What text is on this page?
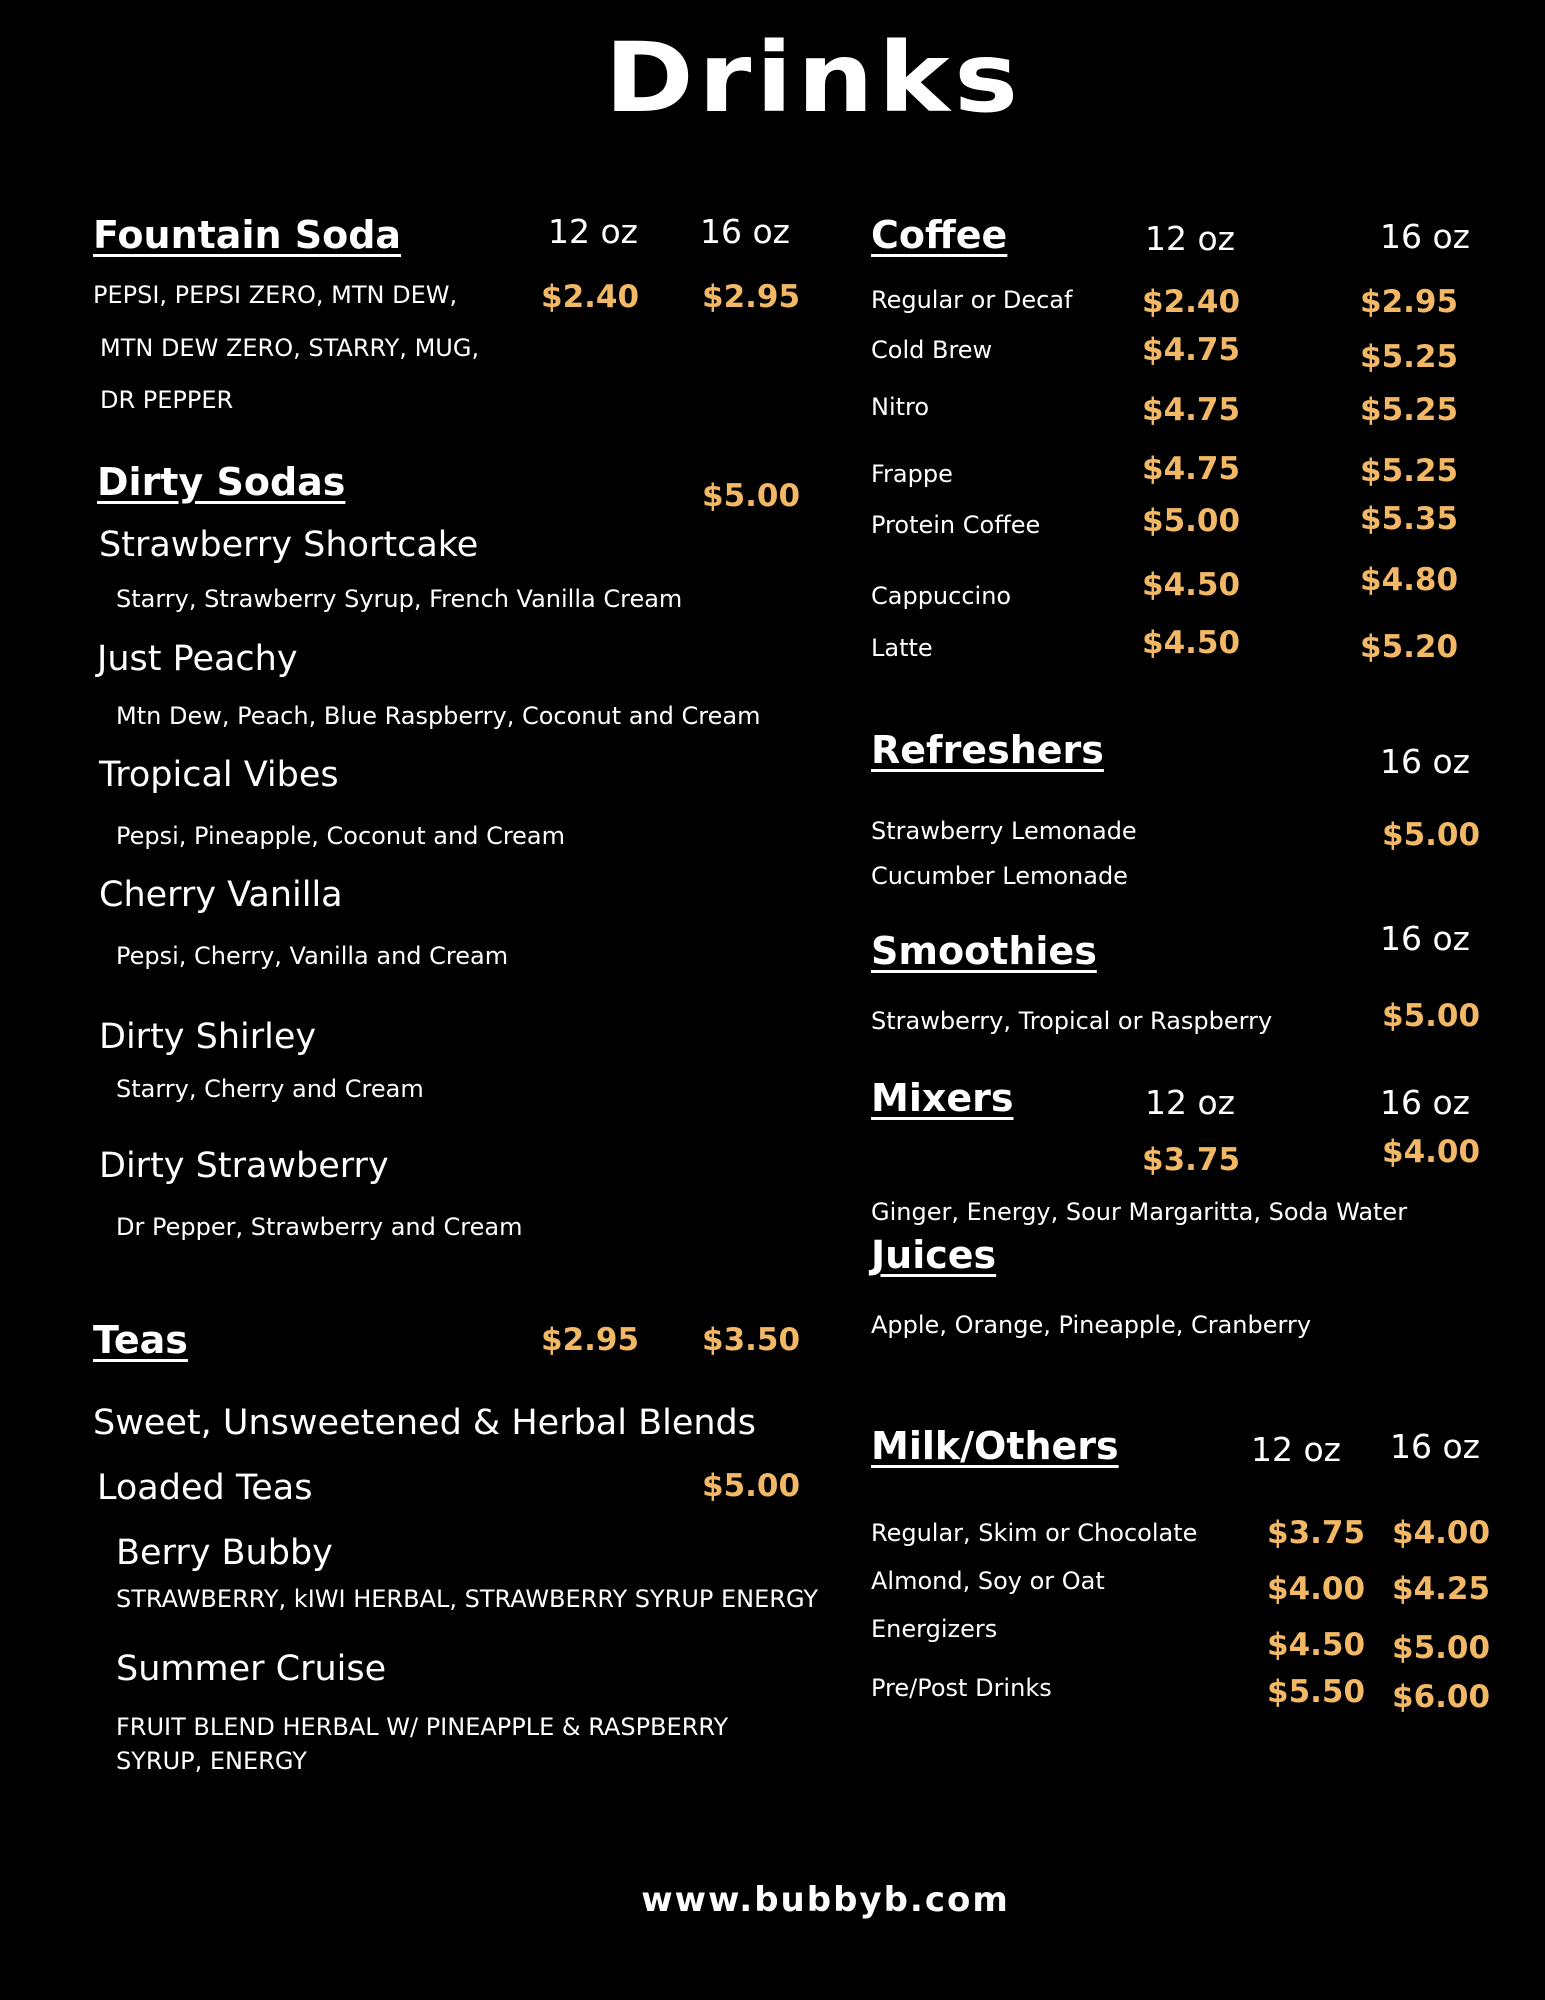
Drinks
Fountain Soda	12 oz 16 oz
$2.40 $2.95
PEPSI, PEPSI ZERO, MTN DEW,
MTN DEW ZERO, STARRY, MUG,
DR PEPPER
Dirty Sodas	$5.00
Strawberry Shortcake
Starry, Strawberry Syrup, French Vanilla Cream
Just Peachy
Mtn Dew, Peach, Blue Raspberry, Coconut and Cream
Tropical Vibes
Pepsi, Pineapple, Coconut and Cream
Cherry Vanilla
Pepsi, Cherry, Vanilla and Cream
Dirty Shirley
Starry, Cherry and Cream
Dirty Strawberry
Dr Pepper, Strawberry and Cream
Teas	$2.95 $3.50
Sweet, Unsweetened & Herbal Blends
Loaded Teas	$5.00
Berry Bubby
STRAWBERRY, kIWI HERBAL, STRAWBERRY SYRUP ENERGY
Summer Cruise
FRUIT BLEND HERBAL W/ PINEAPPLE & RASPBERRY
SYRUP, ENERGY
Coffee	12 oz	16 oz
Regular or Decaf $2.40	$2.95
Cold Brew	$4.75	$5.25
Nitro	$4.75	$5.25
Frappe	$4.75	$5.25
Protein Coffee	$5.00	$5.35
Cappuccino	$4.50	$4.80
Latte	$4.50	$5.20
Refreshers	16 oz
Strawberry Lemonade	$5.00
Cucumber Lemonade
Smoothies	16 oz
Strawberry, Tropical or Raspberry	$5.00
Mixers	12 oz	16 oz
$3.75	$4.00
Ginger, Energy, Sour Margaritta, Soda Water
Juices
Apple, Orange, Pineapple, Cranberry
Milk/Others	12 oz 16 oz
Regular, Skim or Chocolate $3.75 $4.00
Almond, Soy or Oat	$4.00 $4.25
Energizers	$4.50 $5.00
Pre/Post Drinks	$5.50 $6.00
www.bubbyb.com
